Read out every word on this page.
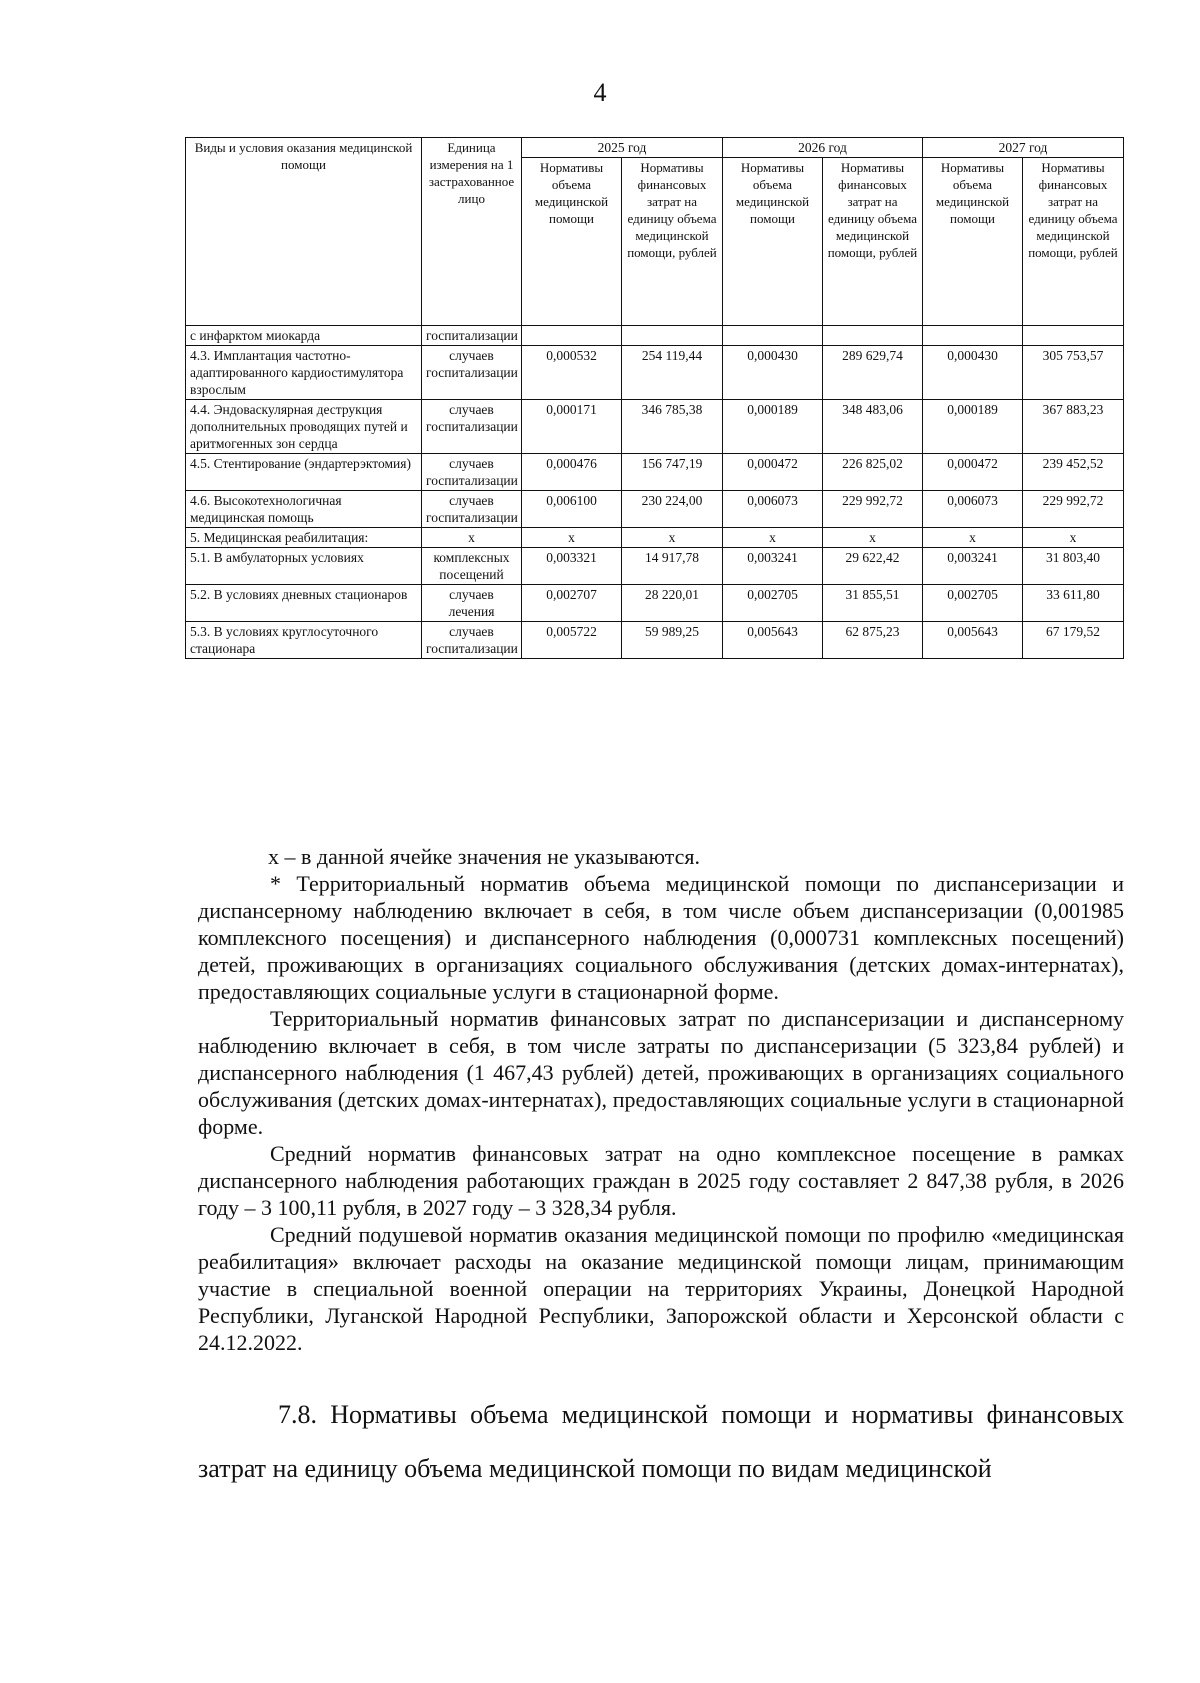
4
Виды и условия оказания медицинской помощи	Единица измерения на 1 застрахованное лицо	2025 год		2026 год		2027 год	
		Нормативы объема медицинской помощи	Нормативы финансовых затрат на единицу объема медицинской помощи, рублей	Нормативы объема медицинской помощи	Нормативы финансовых затрат на единицу объема медицинской помощи, рублей	Нормативы объема медицинской помощи	Нормативы финансовых затрат на единицу объема медицинской помощи, рублей
с инфарктом миокарда	госпитализации						
4.3. Имплантация частотно-адаптированного кардиостимулятора взрослым	случаев госпитализации	0,000532	254 119,44	0,000430	289 629,74	0,000430	305 753,57
4.4. Эндоваскулярная деструкция дополнительных проводящих путей и аритмогенных зон сердца	случаев госпитализации	0,000171	346 785,38	0,000189	348 483,06	0,000189	367 883,23
4.5. Стентирование (эндартерэктомия)	случаев госпитализации	0,000476	156 747,19	0,000472	226 825,02	0,000472	239 452,52
4.6. Высокотехнологичная медицинская помощь	случаев госпитализации	0,006100	230 224,00	0,006073	229 992,72	0,006073	229 992,72
5. Медицинская реабилитация:	х	х	х	х	х	х	х
5.1. В амбулаторных условиях	комплексных посещений	0,003321	14 917,78	0,003241	29 622,42	0,003241	31 803,40
5.2. В условиях дневных стационаров	случаев лечения	0,002707	28 220,01	0,002705	31 855,51	0,002705	33 611,80
5.3. В условиях круглосуточного стационара	случаев госпитализации	0,005722	59 989,25	0,005643	62 875,23	0,005643	67 179,52

х – в данной ячейке значения не указываются.

* Территориальный норматив объема медицинской помощи по диспансеризации и диспансерному наблюдению включает в себя, в том числе объем диспансеризации (0,001985 комплексного посещения) и диспансерного наблюдения (0,000731 комплексных посещений) детей, проживающих в организациях социального обслуживания (детских домах-интернатах), предоставляющих социальные услуги в стационарной форме.

Территориальный норматив финансовых затрат по диспансеризации и диспансерному наблюдению включает в себя, в том числе затраты по диспансеризации (5 323,84 рублей) и диспансерного наблюдения (1 467,43 рублей) детей, проживающих в организациях социального обслуживания (детских домах-интернатах), предоставляющих социальные услуги в стационарной форме.

Средний норматив финансовых затрат на одно комплексное посещение в рамках диспансерного наблюдения работающих граждан в 2025 году составляет 2 847,38 рубля, в 2026 году – 3 100,11 рубля, в 2027 году – 3 328,34 рубля.

Средний подушевой норматив оказания медицинской помощи по профилю «медицинская реабилитация» включает расходы на оказание медицинской помощи лицам, принимающим участие в специальной военной операции на территориях Украины, Донецкой Народной Республики, Луганской Народной Республики, Запорожской области и Херсонской области с 24.12.2022.

7.8. Нормативы объема медицинской помощи и нормативы финансовых затрат на единицу объема медицинской помощи по видам медицинской
